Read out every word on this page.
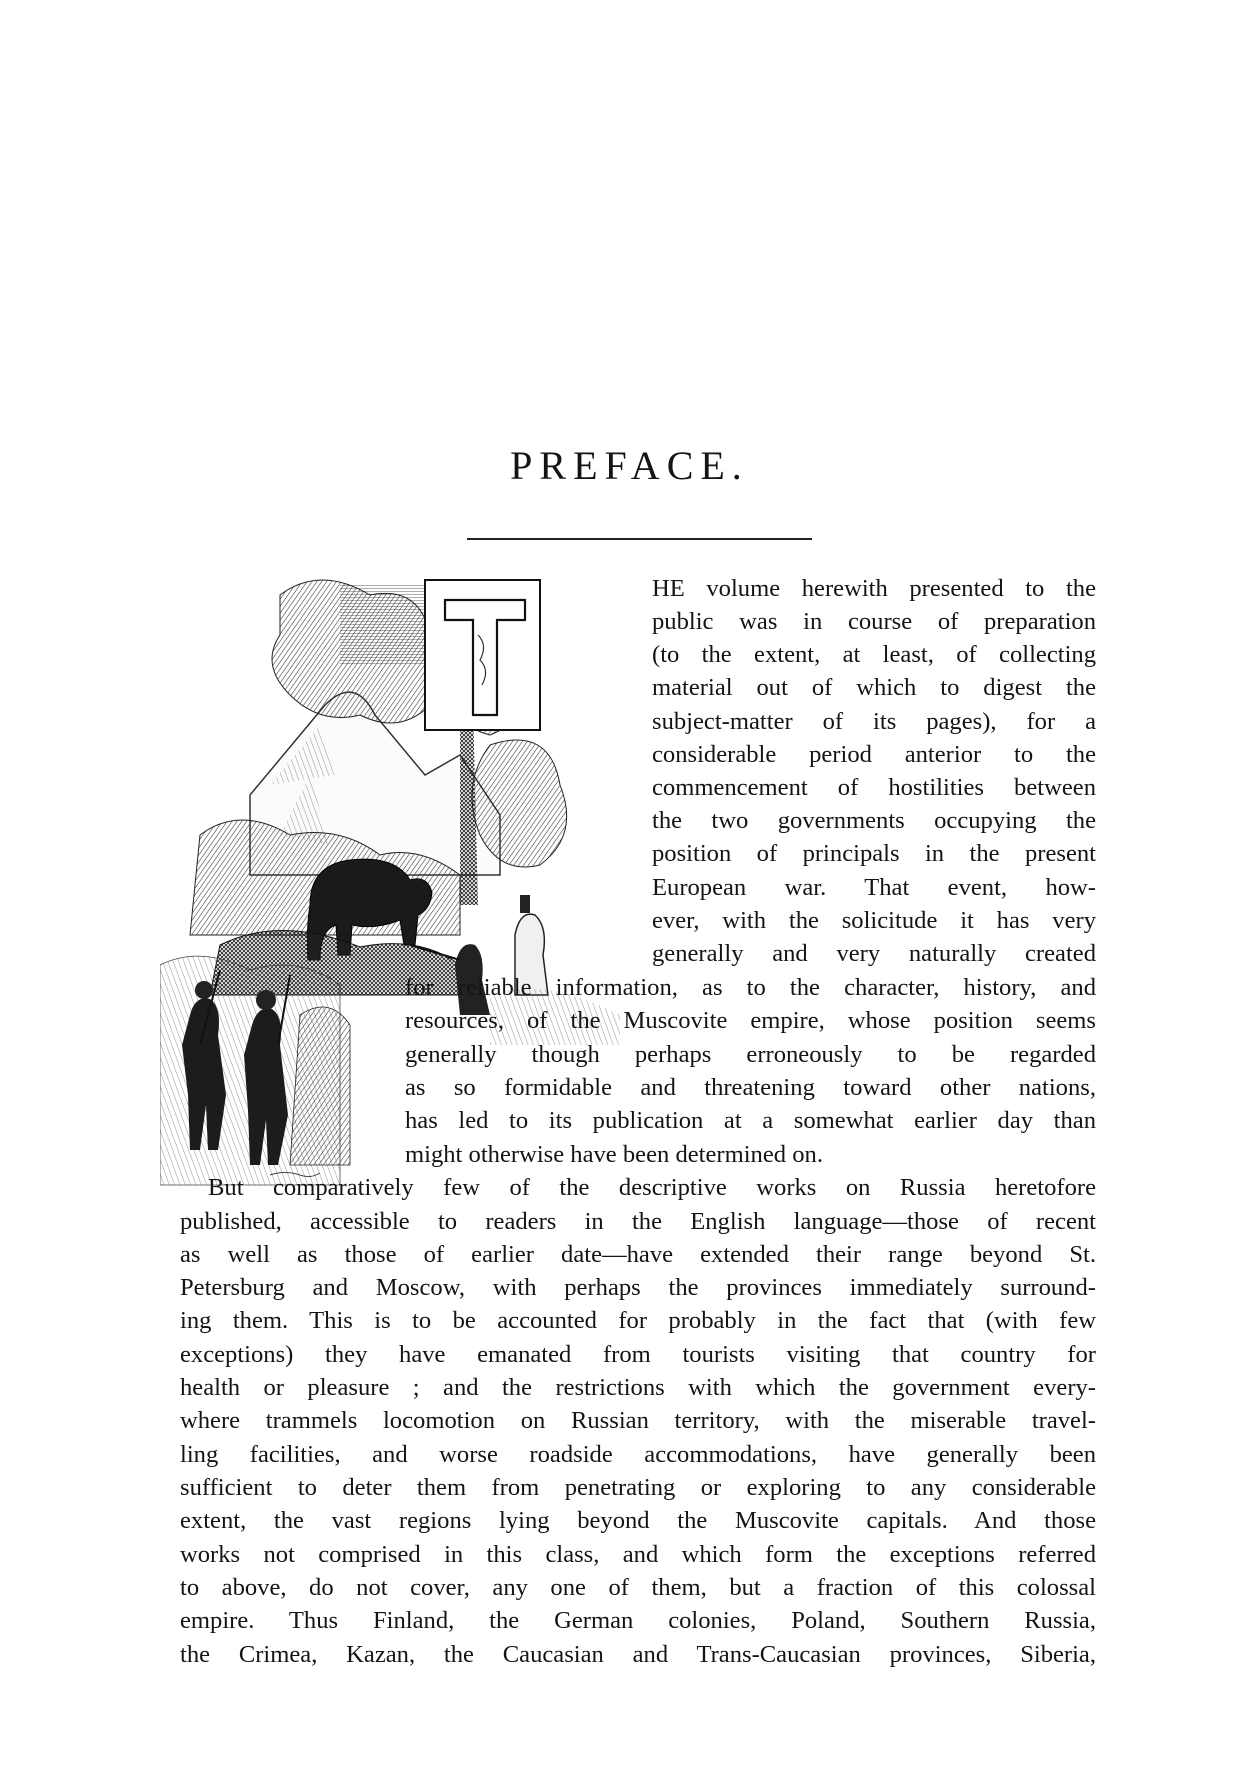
PREFACE.
HE volume herewith presented to the
public was in course of preparation
(to the extent, at least, of collecting
material out of which to digest the
subject-matter of its pages), for a
considerable period anterior to the
commencement of hostilities between
the two governments occupying the
position of principals in the present
European war. That event, how-
ever, with the solicitude it has very
generally and very naturally created
for reliable information, as to the character, history, and
resources, of the Muscovite empire, whose position seems
generally though perhaps erroneously to be regarded
as so formidable and threatening toward other nations,
has led to its publication at a somewhat earlier day than
might otherwise have been determined on.
But comparatively few of the descriptive works on Russia heretofore
published, accessible to readers in the English language—those of recent
as well as those of earlier date—have extended their range beyond St.
Petersburg and Moscow, with perhaps the provinces immediately surround-
ing them. This is to be accounted for probably in the fact that (with few
exceptions) they have emanated from tourists visiting that country for
health or pleasure ; and the restrictions with which the government every-
where trammels locomotion on Russian territory, with the miserable travel-
ling facilities, and worse roadside accommodations, have generally been
sufficient to deter them from penetrating or exploring to any considerable
extent, the vast regions lying beyond the Muscovite capitals. And those
works not comprised in this class, and which form the exceptions referred
to above, do not cover, any one of them, but a fraction of this colossal
empire. Thus Finland, the German colonies, Poland, Southern Russia,
the Crimea, Kazan, the Caucasian and Trans-Caucasian provinces, Siberia,
